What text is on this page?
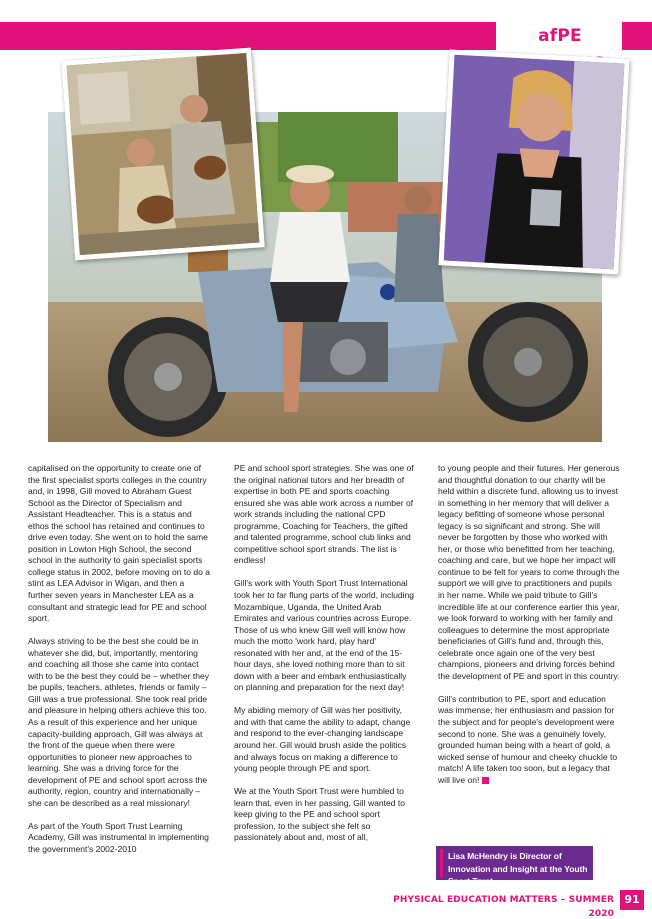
afPE

capitalised on the opportunity to create one of the first specialist sports colleges in the country and, in 1998, Gill moved to Abraham Guest School as the Director of Specialism and Assistant Headteacher. This is a status and ethos the school has retained and continues to drive even today. She went on to hold the same position in Lowton High School, the second school in the authority to gain specialist sports college status in 2002, before moving on to do a stint as LEA Advisor in Wigan, and then a further seven years in Manchester LEA as a consultant and strategic lead for PE and school sport.

Always striving to be the best she could be in whatever she did, but, importantly, mentoring and coaching all those she came into contact with to be the best they could be – whether they be pupils, teachers, athletes, friends or family – Gill was a true professional. She took real pride and pleasure in helping others achieve this too. As a result of this experience and her unique capacity-building approach, Gill was always at the front of the queue when there were opportunities to pioneer new approaches to learning. She was a driving force for the development of PE and school sport across the authority, region, country and internationally – she can be described as a real missionary!

As part of the Youth Sport Trust Learning Academy, Gill was instrumental in implementing the government's 2002-2010

PE and school sport strategies. She was one of the original national tutors and her breadth of expertise in both PE and sports coaching ensured she was able work across a number of work strands including the national CPD programme, Coaching for Teachers, the gifted and talented programme, school club links and competitive school sport strands. The list is endless!

Gill's work with Youth Sport Trust International took her to far flung parts of the world, including Mozambique, Uganda, the United Arab Emirates and various countries across Europe. Those of us who knew Gill well will know how much the motto 'work hard, play hard' resonated with her and, at the end of the 15-hour days, she loved nothing more than to sit down with a beer and embark enthusiastically on planning and preparation for the next day!

My abiding memory of Gill was her positivity, and with that came the ability to adapt, change and respond to the ever-changing landscape around her. Gill would brush aside the politics and always focus on making a difference to young people through PE and sport.

We at the Youth Sport Trust were humbled to learn that, even in her passing, Gill wanted to keep giving to the PE and school sport profession, to the subject she felt so passionately about and, most of all,

to young people and their futures. Her generous and thoughtful donation to our charity will be held within a discrete fund, allowing us to invest in something in her memory that will deliver a legacy befitting of someone whose personal legacy is so significant and strong. She will never be forgotten by those who worked with her, or those who benefitted from her teaching, coaching and care, but we hope her impact will continue to be felt for years to come through the support we will give to practitioners and pupils in her name. While we paid tribute to Gill's incredible life at our conference earlier this year, we look forward to working with her family and colleagues to determine the most appropriate beneficiaries of Gill's fund and, through this, celebrate once again one of the very best champions, pioneers and driving forces behind the development of PE and sport in this country.

Gill's contribution to PE, sport and education was immense; her enthusiasm and passion for the subject and for people's development were second to none. She was a genuinely lovely, grounded human being with a heart of gold, a wicked sense of humour and cheeky chuckle to match! A life taken too soon, but a legacy that will live on!

Lisa McHendry is Director of Innovation and Insight at the Youth Sport Trust.
PHYSICAL EDUCATION MATTERS – SUMMER 2020
91
